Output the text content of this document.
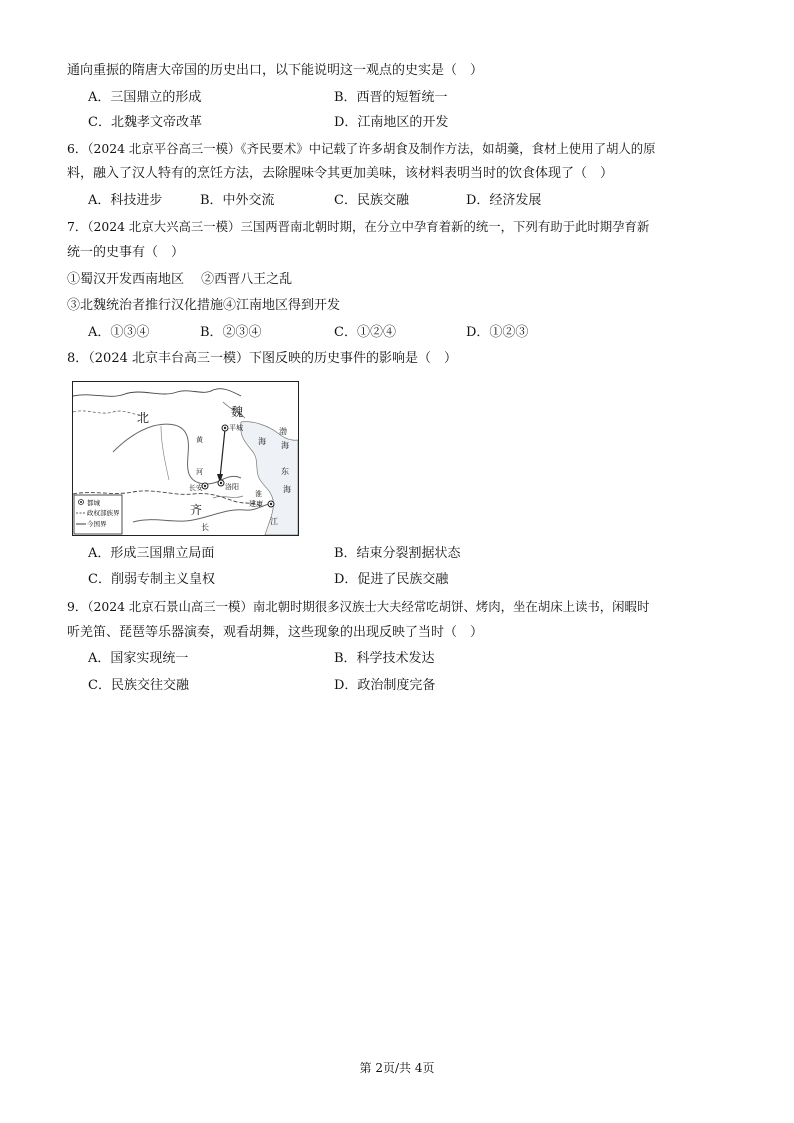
通向重振的隋唐大帝国的历史出口，以下能说明这一观点的史实是（　）
A．三国鼎立的形成	B．西晋的短暂统一
C．北魏孝文帝改革	D．江南地区的开发
6．（2024 北京平谷高三一模）《齐民要术》中记载了许多胡食及制作方法，如胡羹，食材上使用了胡人的原
料，融入了汉人特有的烹饪方法，去除腥味令其更加美味，该材料表明当时的饮食体现了（　）
A．科技进步	B．中外交流	C．民族交融	D．经济发展
7．（2024 北京大兴高三一模）三国两晋南北朝时期，在分立中孕育着新的统一，下列有助于此时期孕育新
统一的史事有（　）
①蜀汉开发西南地区　 ②西晋八王之乱
③北魏统治者推行汉化措施④江南地区得到开发
A．①③④	B．②③④	C．①②④	D．①②③
8．（2024 北京丰台高三一模）下图反映的历史事件的影响是（　）
北	魏
平城
黄
河
长安	洛阳
海
渤
海
东
海
齐	建康
淮
长
江
都城
政权部族界
今国界
A．形成三国鼎立局面	B．结束分裂割据状态
C．削弱专制主义皇权	D．促进了民族交融
9．（2024 北京石景山高三一模）南北朝时期很多汉族士大夫经常吃胡饼、烤肉，坐在胡床上读书，闲暇时
听羌笛、琵琶等乐器演奏，观看胡舞，这些现象的出现反映了当时（　）
A．国家实现统一	B．科学技术发达
C．民族交往交融	D．政治制度完备
第 2页/共 4页
